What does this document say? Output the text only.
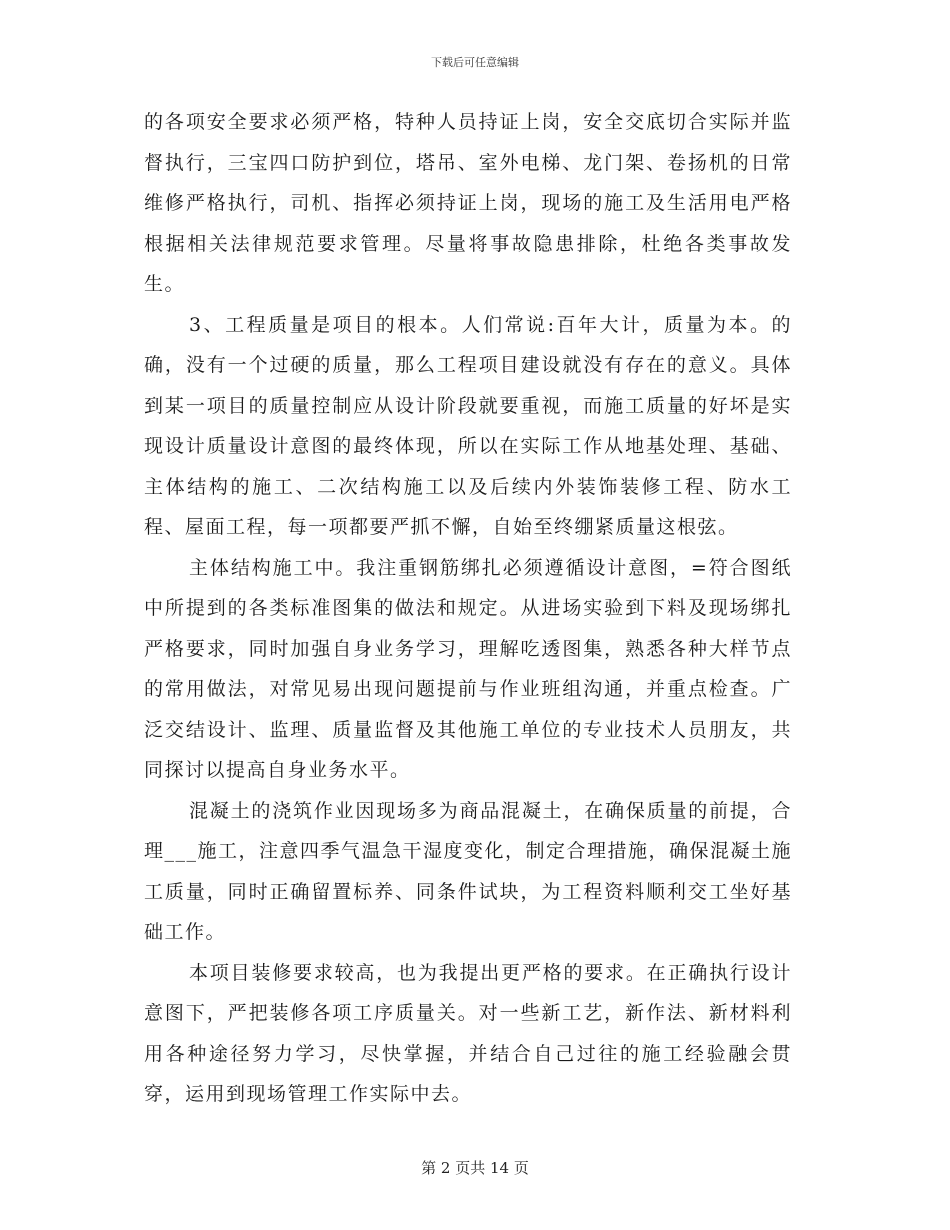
下载后可任意编辑

的各项安全要求必须严格，特种人员持证上岗，安全交底切合实际并监督执行，三宝四口防护到位，塔吊、室外电梯、龙门架、卷扬机的日常维修严格执行，司机、指挥必须持证上岗，现场的施工及生活用电严格根据相关法律规范要求管理。尽量将事故隐患排除，杜绝各类事故发生。

3、工程质量是项目的根本。人们常说:百年大计，质量为本。的确，没有一个过硬的质量，那么工程项目建设就没有存在的意义。具体到某一项目的质量控制应从设计阶段就要重视，而施工质量的好坏是实现设计质量设计意图的最终体现，所以在实际工作从地基处理、基础、主体结构的施工、二次结构施工以及后续内外装饰装修工程、防水工程、屋面工程，每一项都要严抓不懈，自始至终绷紧质量这根弦。

主体结构施工中。我注重钢筋绑扎必须遵循设计意图，=符合图纸中所提到的各类标准图集的做法和规定。从进场实验到下料及现场绑扎严格要求，同时加强自身业务学习，理解吃透图集，熟悉各种大样节点的常用做法，对常见易出现问题提前与作业班组沟通，并重点检查。广泛交结设计、监理、质量监督及其他施工单位的专业技术人员朋友，共同探讨以提高自身业务水平。

混凝土的浇筑作业因现场多为商品混凝土，在确保质量的前提，合理___施工，注意四季气温急干湿度变化，制定合理措施，确保混凝土施工质量，同时正确留置标养、同条件试块，为工程资料顺利交工坐好基础工作。

本项目装修要求较高，也为我提出更严格的要求。在正确执行设计意图下，严把装修各项工序质量关。对一些新工艺，新作法、新材料利用各种途径努力学习，尽快掌握，并结合自己过往的施工经验融会贯穿，运用到现场管理工作实际中去。

第 2 页共 14 页
